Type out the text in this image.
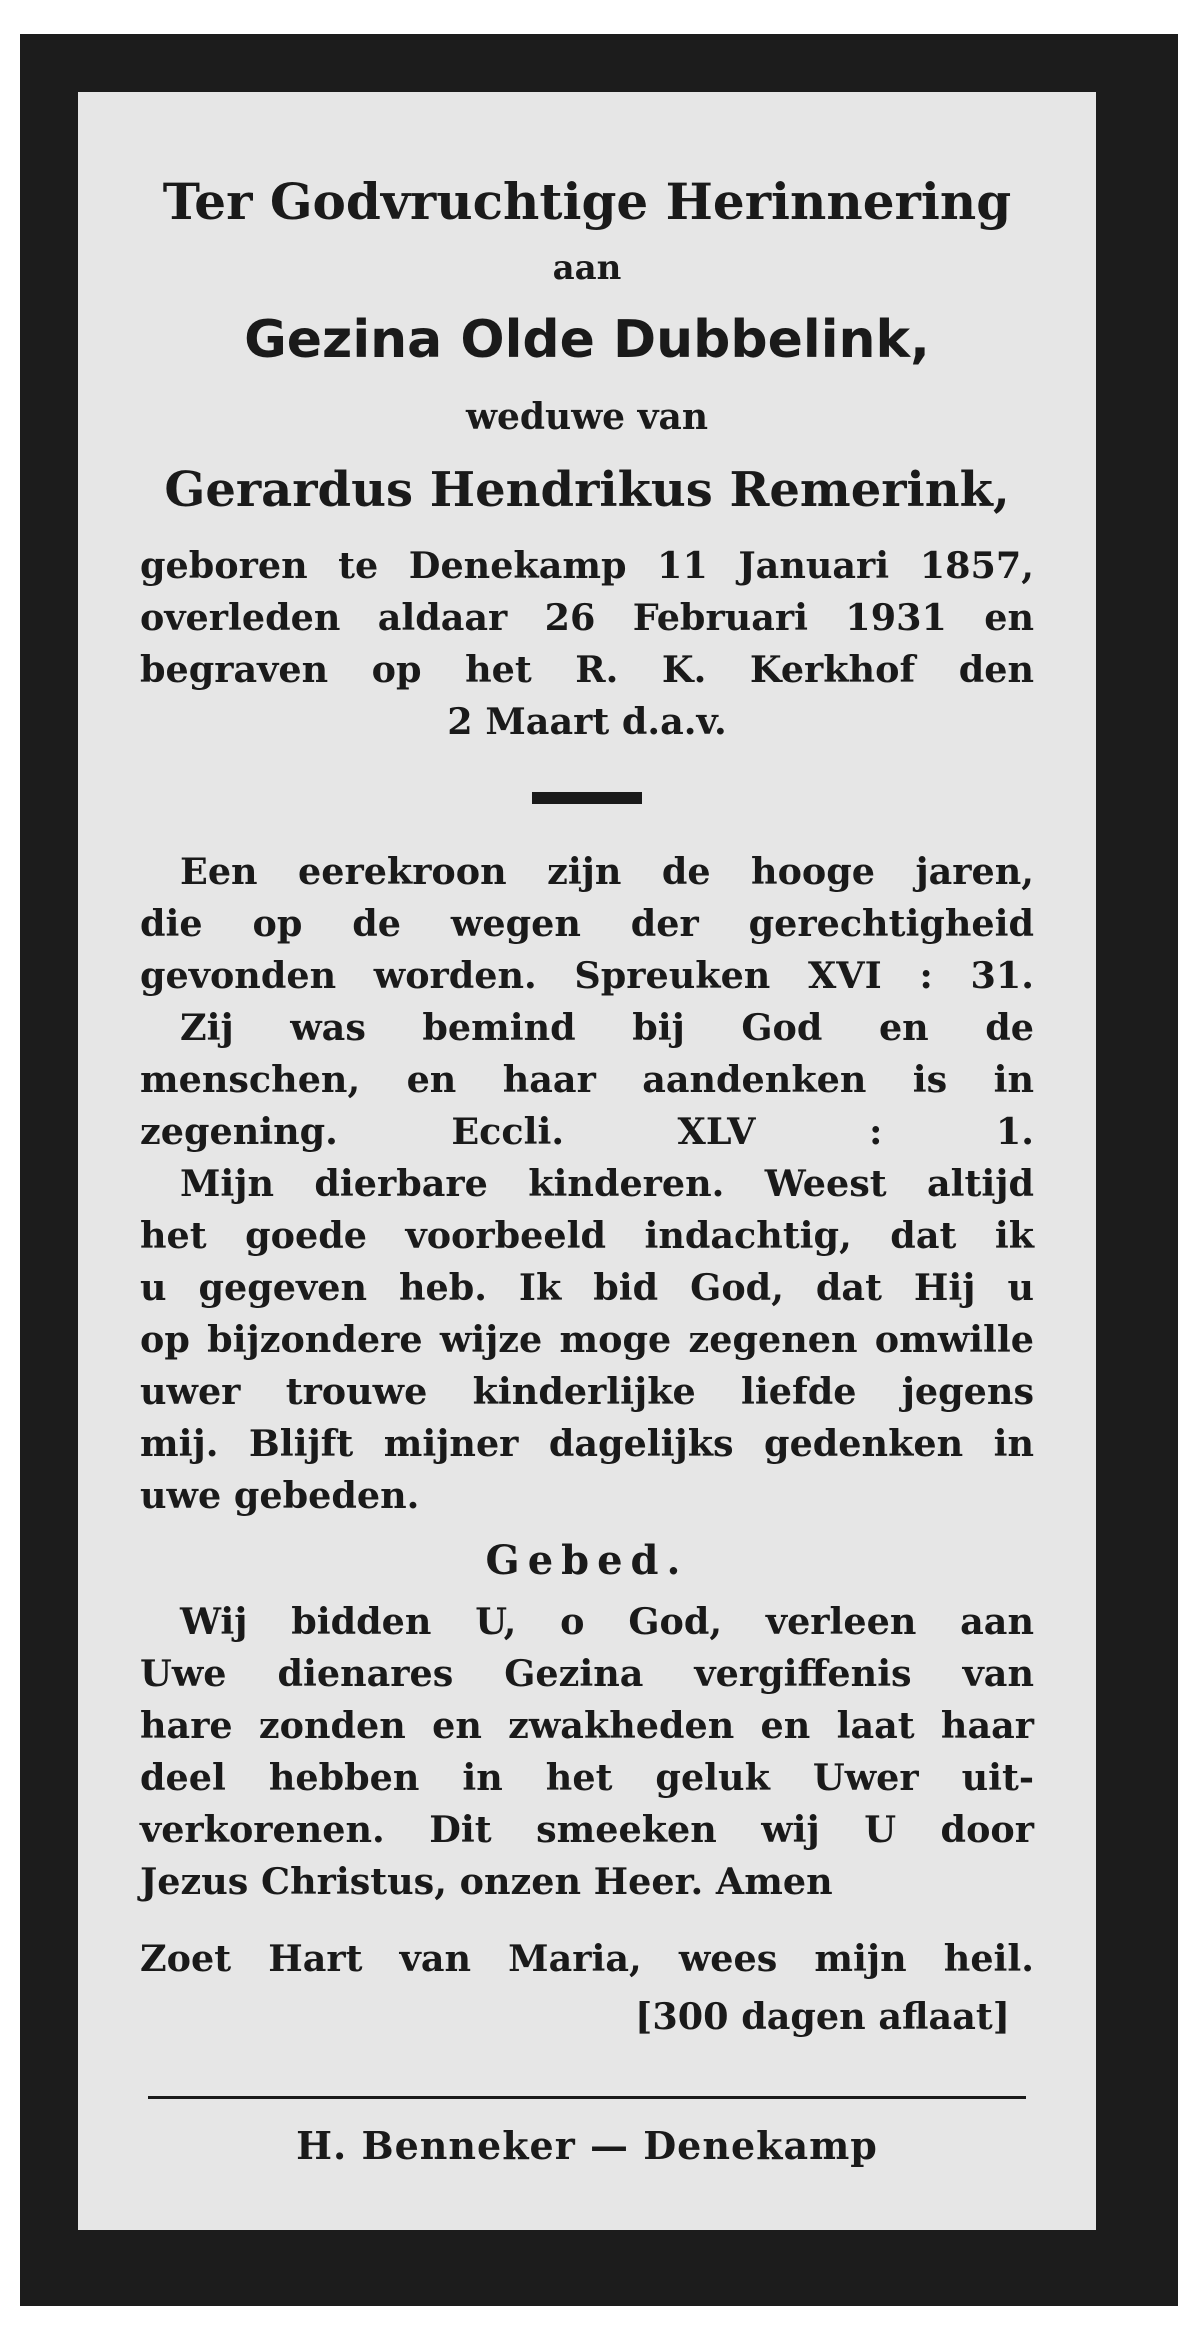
Ter Godvruchtige Herinnering
aan
Gezina Olde Dubbelink,
weduwe van
Gerardus Hendrikus Remerink,

geboren te Denekamp 11 Januari 1857,

overleden aldaar 26 Februari 1931 en

begraven op het R. K. Kerkhof den

2 Maart d.a.v.

Een eerekroon zijn de hooge jaren,

die op de wegen der gerechtigheid

gevonden worden. Spreuken XVI : 31.

Zij was bemind bij God en de

menschen, en haar aandenken is in

zegening. Eccli. XLV : 1.

Mijn dierbare kinderen. Weest altijd

het goede voorbeeld indachtig, dat ik

u gegeven heb. Ik bid God, dat Hij u

op bijzondere wijze moge zegenen omwille

uwer trouwe kinderlijke liefde jegens

mij. Blijft mijner dagelijks gedenken in

uwe gebeden.

Gebed.

Wij bidden U, o God, verleen aan

Uwe dienares Gezina vergiffenis van

hare zonden en zwakheden en laat haar

deel hebben in het geluk Uwer uit-

verkorenen. Dit smeeken wij U door

Jezus Christus, onzen Heer. Amen

Zoet Hart van Maria, wees mijn heil.
[300 dagen aflaat]
H. Benneker — Denekamp
